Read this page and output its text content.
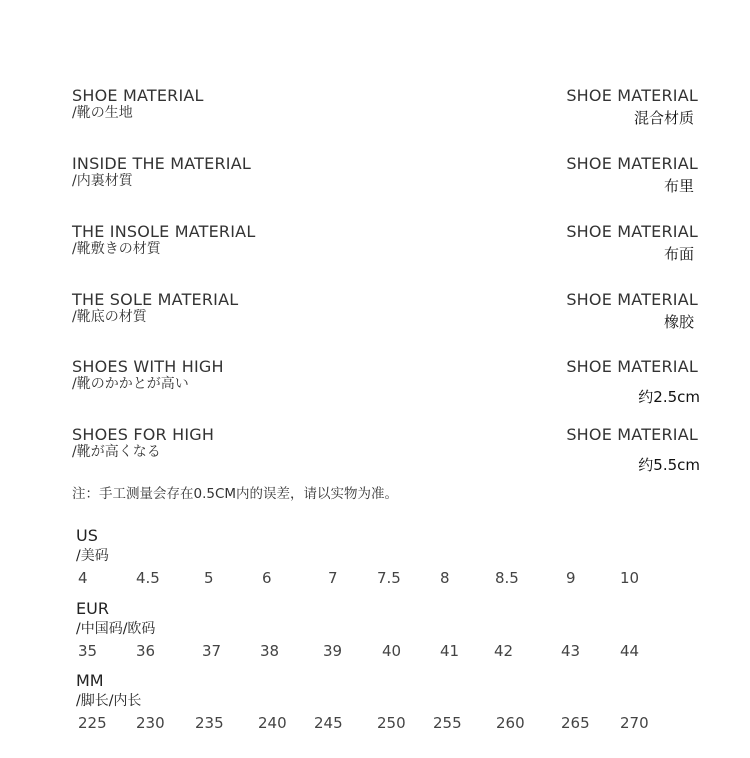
SHOE MATERIAL
/靴の生地
SHOE MATERIAL
混合材质
INSIDE THE MATERIAL
/内裏材質
SHOE MATERIAL
布里
THE INSOLE MATERIAL
/靴敷きの材質
SHOE MATERIAL
布面
THE SOLE MATERIAL
/靴底の材質
SHOE MATERIAL
橡胶
SHOES WITH HIGH
/靴のかかとが高い
SHOE MATERIAL
约2.5cm
SHOES FOR HIGH
/靴が高くなる
SHOE MATERIAL
约5.5cm
注：手工测量会存在0.5CM内的误差，请以实物为准。
US
/美码
4	4.5	5	6	7	7.5	8	8.5	9	10
EUR
/中国码/欧码
35	36	37	38	39	40	41 42	43	44
MM
/脚长/内长
225 230 235 240 245 250 255 260 265 270
